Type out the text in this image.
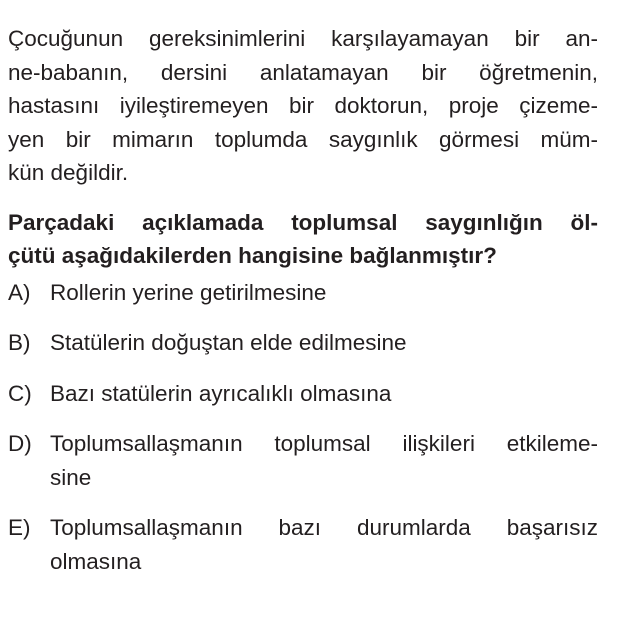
Çocuğunun gereksinimlerini karşılayamayan bir an-
ne-babanın, dersini anlatamayan bir öğretmenin,
hastasını iyileştiremeyen bir doktorun, proje çizeme-
yen bir mimarın toplumda saygınlık görmesi müm-
kün değildir.
Parçadaki açıklamada toplumsal saygınlığın öl-
çütü aşağıdakilerden hangisine bağlanmıştır?
A) Rollerin yerine getirilmesine
B) Statülerin doğuştan elde edilmesine
C) Bazı statülerin ayrıcalıklı olmasına
D) Toplumsallaşmanın toplumsal ilişkileri etkileme-
sine
E) Toplumsallaşmanın bazı durumlarda başarısız
olmasına
